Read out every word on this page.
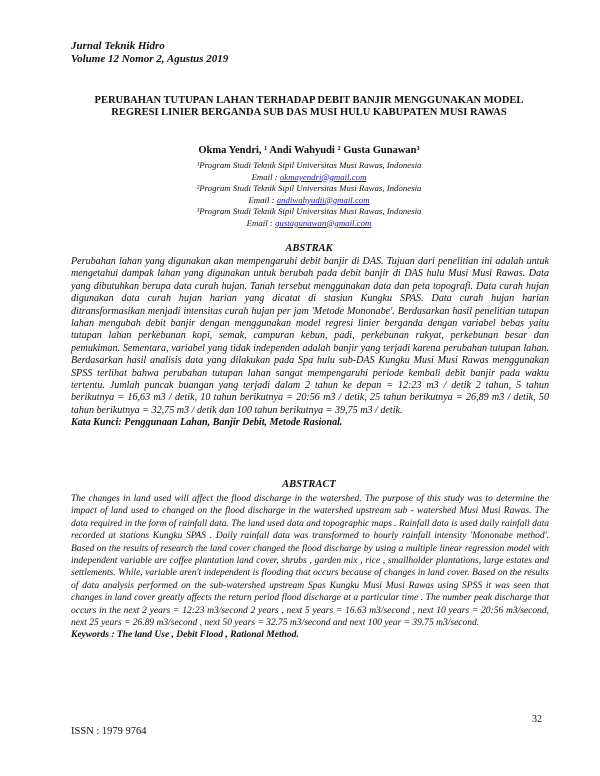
Jurnal Teknik Hidro
Volume 12 Nomor 2, Agustus 2019
PERUBAHAN TUTUPAN LAHAN TERHADAP DEBIT BANJIR MENGGUNAKAN MODEL REGRESI LINIER BERGANDA SUB DAS MUSI HULU KABUPATEN MUSI RAWAS
Okma Yendri, ¹ Andi Wahyudi ² Gusta Gunawan³
¹Program Studi Teknik Sipil Universitas Musi Rawas, Indonesia
Email : okmayendri@gmail.com
²Program Studi Teknik Sipil Universitas Musi Rawas, Indonesia
Email : andiwahyudii@gmail.com
³Program Studi Teknik Sipil Universitas Musi Rawas, Indonesia
Email : gustagunawan@gmail.com
ABSTRAK
Perubahan lahan yang digunakan akan mempengaruhi debit banjir di DAS. Tujuan dari penelitian ini adalah untuk mengetahui dampak lahan yang digunakan untuk berubah pada debit banjir di DAS hulu Musi Musi Rawas. Data yang dibutuhkan berupa data curah hujan. Tanah tersebut menggunakan data dan peta topografi. Data curah hujan digunakan data curah hujan harian yang dicatat di stasiun Kungku SPAS. Data curah hujan harian ditransformasikan menjadi intensitas curah hujan per jam 'Metode Mononabe'. Berdasarkan hasil penelitian tutupan lahan mengubah debit banjir dengan menggunakan model regresi linier berganda dengan variabel bebas yaitu tutupan lahan perkebunan kopi, semak, campuran kebun, padi, perkebunan rakyat, perkebunan besar dan pemukiman. Sementara, variabel yang tidak independen adalah banjir yang terjadi karena perubahan tutupan lahan. Berdasarkan hasil analisis data yang dilakukan pada Spa hulu sub-DAS Kungku Musi Musi Rawas menggunakan SPSS terlihat bahwa perubahan tutupan lahan sangat mempengaruhi periode kembali debit banjir pada waktu tertentu. Jumlah puncak buangan yang terjadi dalam 2 tahun ke depan = 12:23 m3 / detik 2 tahun, 5 tahun berikutnya = 16,63 m3 / detik, 10 tahun berikutnya = 20:56 m3 / detik, 25 tahun berikutnya = 26,89 m3 / detik, 50 tahun berikutnya = 32,75 m3 / detik dan 100 tahun berikutnya = 39,75 m3 / detik.
Kata Kunci: Penggunaan Lahan, Banjir Debit, Metode Rasional.
ABSTRACT
The changes in land used will affect the flood discharge in the watershed. The purpose of this study was to determine the impact of land used to changed on the flood discharge in the watershed upstream sub - watershed Musi Musi Rawas. The data required in the form of rainfall data. The land used data and topographic maps . Rainfall data is used daily rainfall data recorded at stations Kungku SPAS . Daily rainfall data was transformed to hourly rainfall intensity 'Mononabe method'. Based on the results of research the land cover changed the flood discharge by using a multiple linear regression model with independent variable are coffee plantation land cover, shrubs , garden mix , rice , smallholder plantations, large estates and settlements. While, variable aren't independent is flooding that occurs because of changes in land cover. Based on the results of data analysis performed on the sub-watershed upstream Spas Kungku Musi Musi Rawas using SPSS it was seen that changes in land cover greatly affects the return period flood discharge at a particular time . The number peak discharge that occurs in the next 2 years = 12:23 m3/second 2 years , next 5 years = 16.63 m3/second , next 10 years = 20:56 m3/second, next 25 years = 26.89 m3/second , next 50 years = 32.75 m3/second and next 100 year = 39.75 m3/second.
Keywords : The land Use , Debit Flood , Rational Method.
32
ISSN : 1979 9764
